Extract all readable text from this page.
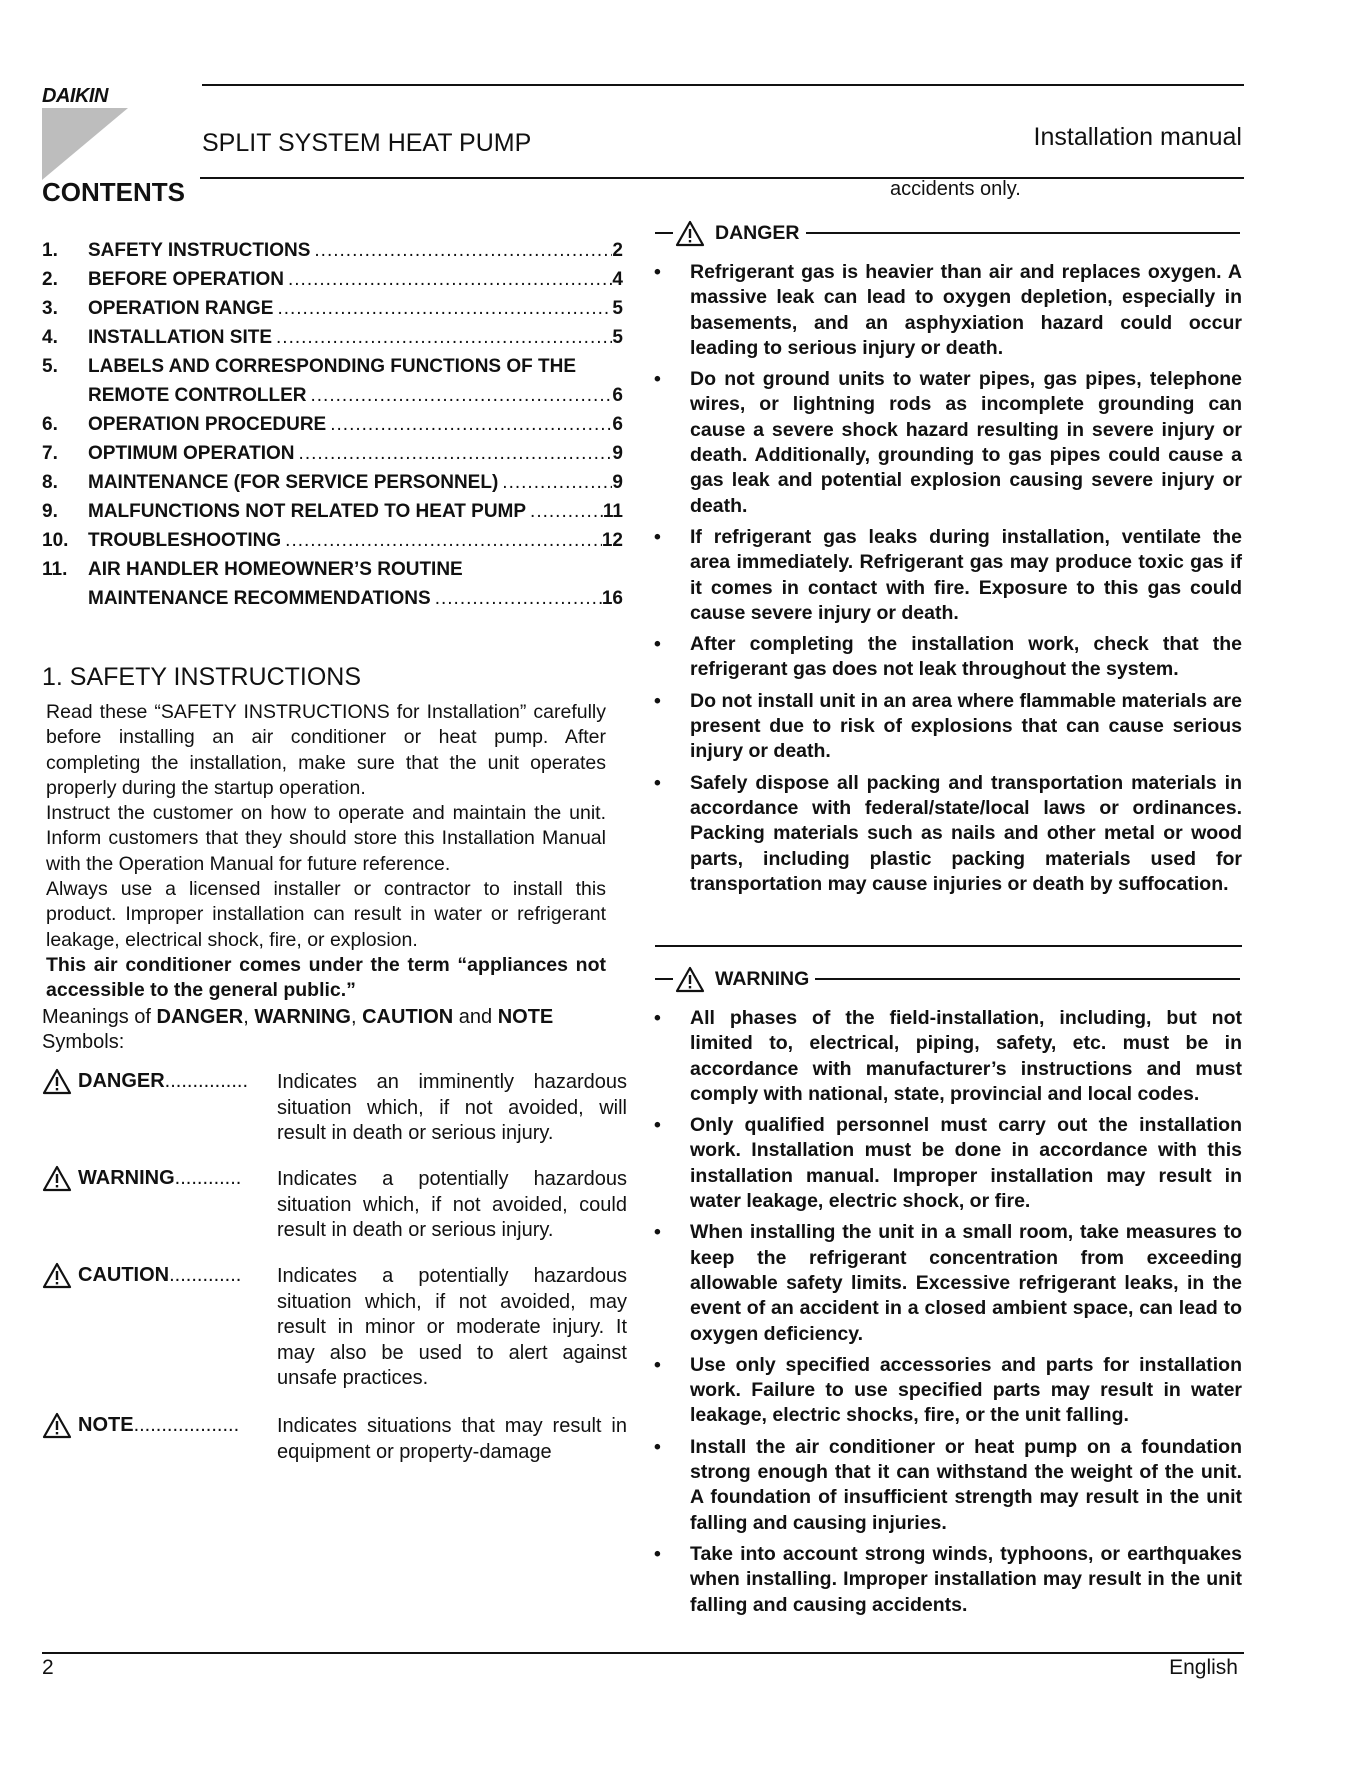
DAIKIN
SPLIT SYSTEM HEAT PUMP	Installation manual
CONTENTS
1.	SAFETY INSTRUCTIONS .....	2
2.	BEFORE OPERATION .....	4
3.	OPERATION RANGE .....	5
4.	INSTALLATION SITE .....	5
5.	LABELS AND CORRESPONDING FUNCTIONS OF THE
REMOTE CONTROLLER .....	6
6.	OPERATION PROCEDURE .....	6
7.	OPTIMUM OPERATION .....	9
8.	MAINTENANCE (FOR SERVICE PERSONNEL) .....	9
9.	MALFUNCTIONS NOT RELATED TO HEAT PUMP .....	11
10.	TROUBLESHOOTING .....	12
11.	AIR HANDLER HOMEOWNER’S ROUTINE
MAINTENANCE RECOMMENDATIONS .....	16
1. SAFETY INSTRUCTIONS

Read these “SAFETY INSTRUCTIONS for Installation” carefully before installing an air conditioner or heat pump. After completing the installation, make sure that the unit operates properly during the startup operation.

Instruct the customer on how to operate and maintain the unit. Inform customers that they should store this Installation Manual with the Operation Manual for future reference.

Always use a licensed installer or contractor to install this product. Improper installation can result in water or refrigerant leakage, electrical shock, fire, or explosion.

This air conditioner comes under the term “appliances not accessible to the general public.”

Meanings of DANGER, WARNING, CAUTION and NOTE
Symbols:
DANGER ............... Indicates an imminently hazardous situation which, if not avoided, will result in death or serious injury.
WARNING ............ Indicates a potentially hazardous situation which, if not avoided, could result in death or serious injury.
CAUTION ............. Indicates a potentially hazardous situation which, if not avoided, may result in minor or moderate injury. It may also be used to alert against unsafe practices.
NOTE ................... Indicates situations that may result in equipment or property-damage
accidents only.
DANGER
• Refrigerant gas is heavier than air and replaces oxygen. A massive leak can lead to oxygen depletion, especially in basements, and an asphyxiation hazard could occur leading to serious injury or death.
• Do not ground units to water pipes, gas pipes, telephone wires, or lightning rods as incomplete grounding can cause a severe shock hazard resulting in severe injury or death. Additionally, grounding to gas pipes could cause a gas leak and potential explosion causing severe injury or death.
• If refrigerant gas leaks during installation, ventilate the area immediately. Refrigerant gas may produce toxic gas if it comes in contact with fire. Exposure to this gas could cause severe injury or death.
• After completing the installation work, check that the refrigerant gas does not leak throughout the system.
• Do not install unit in an area where flammable materials are present due to risk of explosions that can cause serious injury or death.
• Safely dispose all packing and transportation materials in accordance with federal/state/local laws or ordinances. Packing materials such as nails and other metal or wood parts, including plastic packing materials used for transportation may cause injuries or death by suffocation.
WARNING
• All phases of the field-installation, including, but not limited to, electrical, piping, safety, etc. must be in accordance with manufacturer’s instructions and must comply with national, state, provincial and local codes.
• Only qualified personnel must carry out the installation work. Installation must be done in accordance with this installation manual. Improper installation may result in water leakage, electric shock, or fire.
• When installing the unit in a small room, take measures to keep the refrigerant concentration from exceeding allowable safety limits. Excessive refrigerant leaks, in the event of an accident in a closed ambient space, can lead to oxygen deficiency.
• Use only specified accessories and parts for installation work. Failure to use specified parts may result in water leakage, electric shocks, fire, or the unit falling.
• Install the air conditioner or heat pump on a foundation strong enough that it can withstand the weight of the unit. A foundation of insufficient strength may result in the unit falling and causing injuries.
• Take into account strong winds, typhoons, or earthquakes when installing. Improper installation may result in the unit falling and causing accidents.
2	English
